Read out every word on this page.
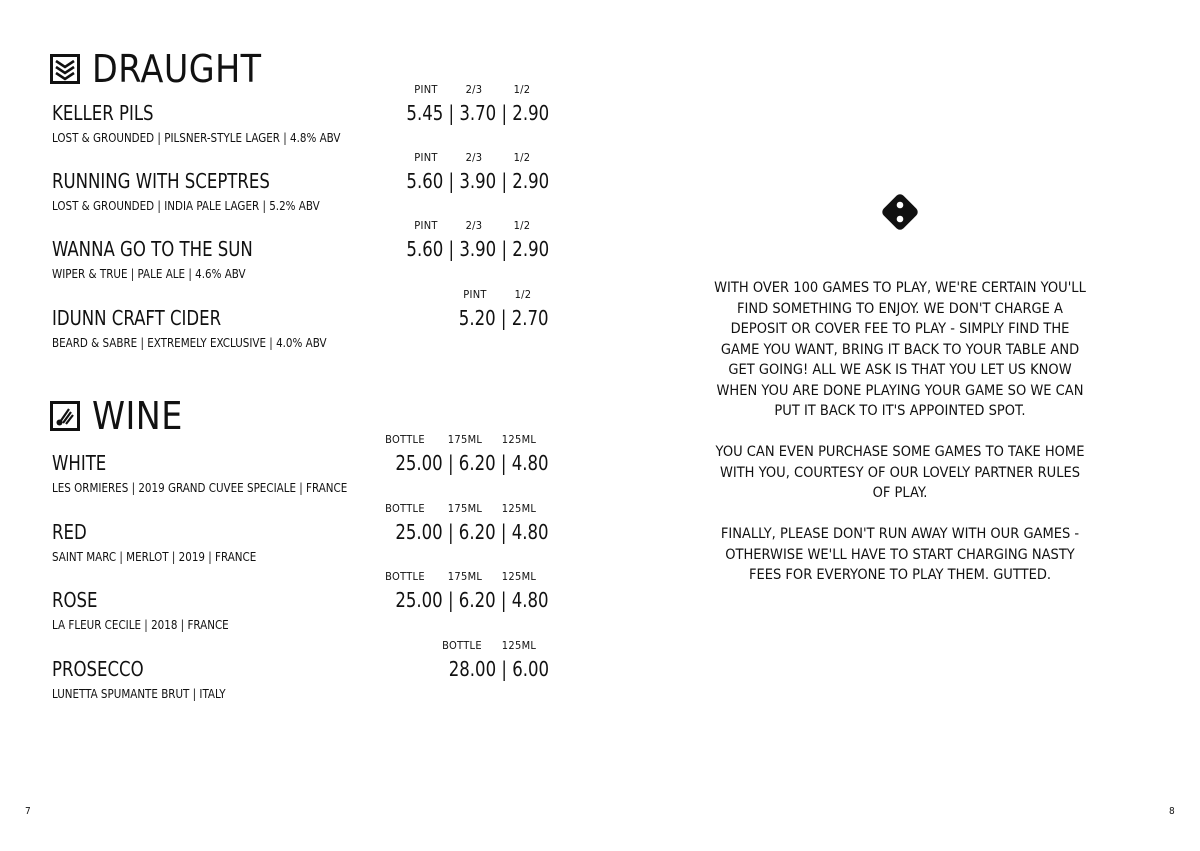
DRAUGHT	PINT	2/3	1/2
KELLER PILS	5.45 | 3.70 | 2.90
LOST & GROUNDED | PILSNER-STYLE LAGER | 4.8% ABV
PINT	2/3	1/2
RUNNING WITH SCEPTRES	5.60 | 3.90 | 2.90
LOST & GROUNDED | INDIA PALE LAGER | 5.2% ABV
PINT	2/3	1/2
WANNA GO TO THE SUN	5.60 | 3.90 | 2.90
WIPER & TRUE | PALE ALE | 4.6% ABV
PINT	1/2
IDUNN CRAFT CIDER	5.20 | 2.70
BEARD & SABRE | EXTREMELY EXCLUSIVE | 4.0% ABV
WINE
BOTTLE	175ML	125ML
WHITE	25.00 | 6.20 | 4.80
LES ORMIERES | 2019 GRAND CUVEE SPECIALE | FRANCE
BOTTLE	175ML	125ML
RED	25.00 | 6.20 | 4.80
SAINT MARC | MERLOT | 2019 | FRANCE
BOTTLE	175ML	125ML
ROSE	25.00 | 6.20 | 4.80
LA FLEUR CECILE | 2018 | FRANCE
BOTTLE	125ML
PROSECCO	28.00 | 6.00
LUNETTA SPUMANTE BRUT | ITALY

WITH OVER 100 GAMES TO PLAY, WE'RE CERTAIN YOU'LL FIND SOMETHING TO ENJOY. WE DON'T CHARGE A DEPOSIT OR COVER FEE TO PLAY - SIMPLY FIND THE GAME YOU WANT, BRING IT BACK TO YOUR TABLE AND GET GOING! ALL WE ASK IS THAT YOU LET US KNOW WHEN YOU ARE DONE PLAYING YOUR GAME SO WE CAN PUT IT BACK TO IT'S APPOINTED SPOT.

YOU CAN EVEN PURCHASE SOME GAMES TO TAKE HOME WITH YOU, COURTESY OF OUR LOVELY PARTNER RULES OF PLAY.

FINALLY, PLEASE DON'T RUN AWAY WITH OUR GAMES - OTHERWISE WE'LL HAVE TO START CHARGING NASTY FEES FOR EVERYONE TO PLAY THEM. GUTTED.

7	8
